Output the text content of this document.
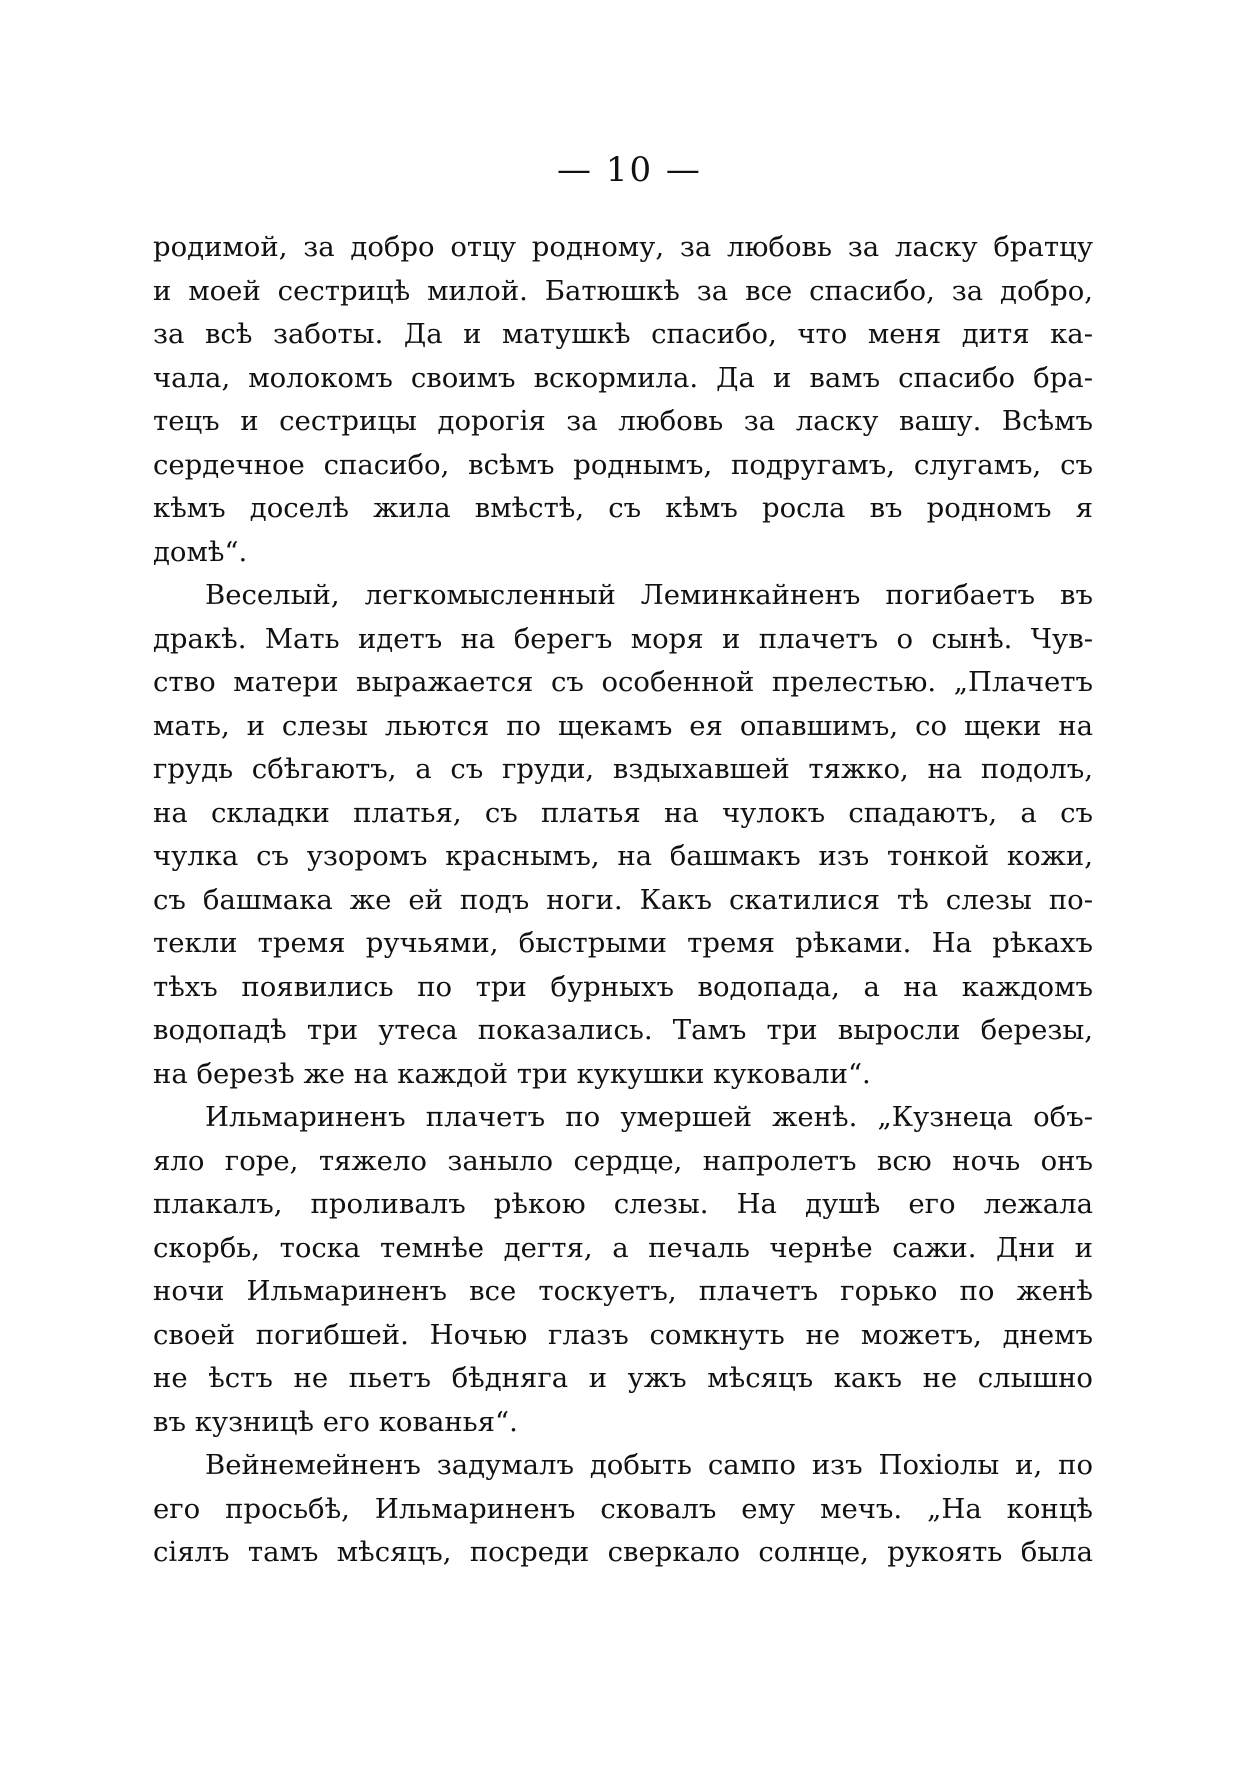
— 10 —
родимой, за добро отцу родному, за любовь за ласку братцу
и моей сестрицѣ милой. Батюшкѣ за все спасибо, за добро,
за всѣ заботы. Да и матушкѣ спасибо, что меня дитя ка-
чала, молокомъ своимъ вскормила. Да и вамъ спасибо бра-
тецъ и сестрицы дорогія за любовь за ласку вашу. Всѣмъ
сердечное спасибо, всѣмъ роднымъ, подругамъ, слугамъ, съ
кѣмъ доселѣ жила вмѣстѣ, съ кѣмъ росла въ родномъ я
домѣ“.
Веселый, легкомысленный Леминкайненъ погибаетъ въ
дракѣ. Мать идетъ на берегъ моря и плачетъ о сынѣ. Чув-
ство матери выражается съ особенной прелестью. „Плачетъ
мать, и слезы льются по щекамъ ея опавшимъ, со щеки на
грудь сбѣгаютъ, а съ груди, вздыхавшей тяжко, на подолъ,
на складки платья, съ платья на чулокъ спадаютъ, а съ
чулка съ узоромъ краснымъ, на башмакъ изъ тонкой кожи,
съ башмака же ей подъ ноги. Какъ скатилися тѣ слезы по-
текли тремя ручьями, быстрыми тремя рѣками. На рѣкахъ
тѣхъ появились по три бурныхъ водопада, а на каждомъ
водопадѣ три утеса показались. Тамъ три выросли березы,
на березѣ же на каждой три кукушки куковали“.
Ильмариненъ плачетъ по умершей женѣ. „Кузнеца объ-
яло горе, тяжело заныло сердце, напролетъ всю ночь онъ
плакалъ, проливалъ рѣкою слезы. На душѣ его лежала
скорбь, тоска темнѣе дегтя, а печаль чернѣе сажи. Дни и
ночи Ильмариненъ все тоскуетъ, плачетъ горько по женѣ
своей погибшей. Ночью глазъ сомкнуть не можетъ, днемъ
не ѣстъ не пьетъ бѣдняга и ужъ мѣсяцъ какъ не слышно
въ кузницѣ его кованья“.
Вейнемейненъ задумалъ добыть сампо изъ Похіолы и, по
его просьбѣ, Ильмариненъ сковалъ ему мечъ. „На концѣ
сіялъ тамъ мѣсяцъ, посреди сверкало солнце, рукоять была
